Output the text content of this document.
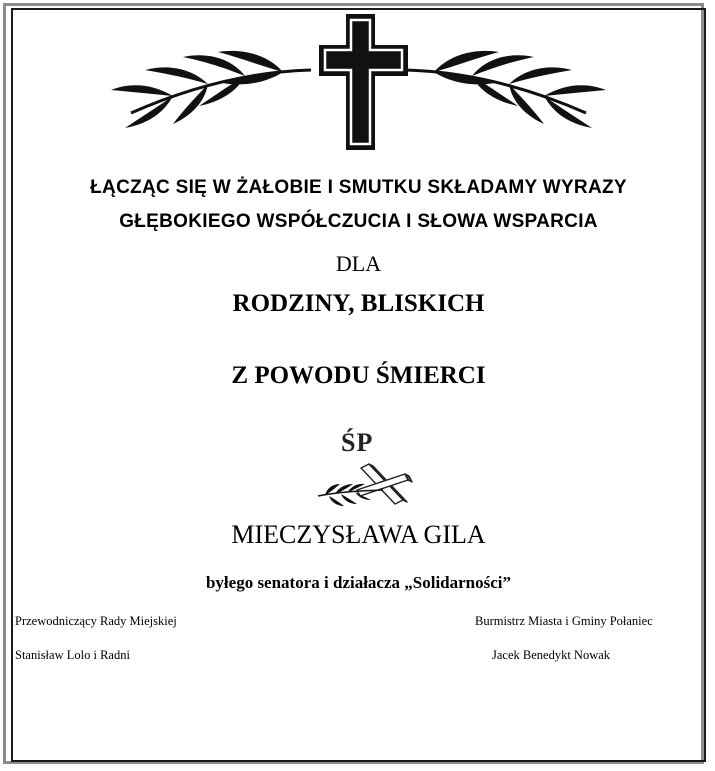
ŁĄCZĄC SIĘ W ŻAŁOBIE I SMUTKU SKŁADAMY WYRAZY
GŁĘBOKIEGO WSPÓŁCZUCIA I SŁOWA WSPARCIA
DLA
RODZINY, BLISKICH
Z POWODU ŚMIERCI
ŚP
MIECZYSŁAWA GILA
byłego senatora i działacza „Solidarności”
Przewodniczący Rady Miejskiej
Stanisław Lolo i Radni
Burmistrz Miasta i Gminy Połaniec
Jacek Benedykt Nowak
